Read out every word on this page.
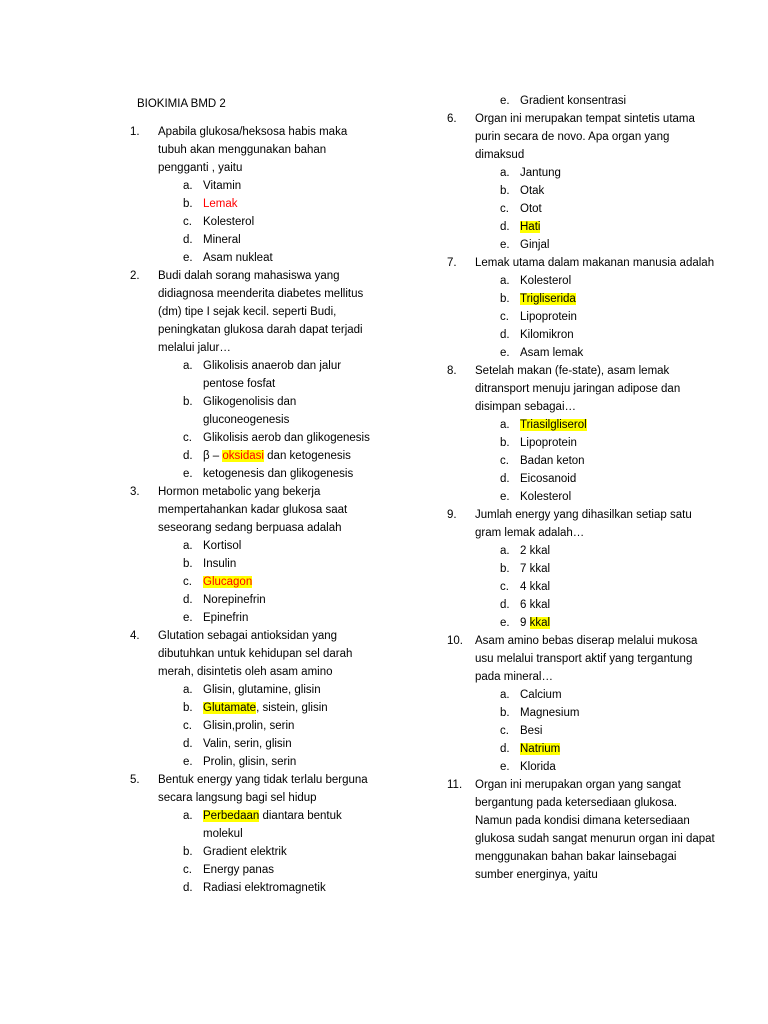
BIOKIMIA BMD 2
1. Apabila glukosa/heksosa habis maka tubuh akan menggunakan bahan pengganti , yaitu
a. Vitamin
b. Lemak
c. Kolesterol
d. Mineral
e. Asam nukleat
2. Budi dalah sorang mahasiswa yang didiagnosa meenderita diabetes mellitus (dm) tipe I sejak kecil. seperti Budi, peningkatan glukosa darah dapat terjadi melalui jalur…
a. Glikolisis anaerob dan jalur pentose fosfat
b. Glikogenolisis dan gluconeogenesis
c. Glikolisis aerob dan glikogenesis
d. β – oksidasi dan ketogenesis
e. ketogenesis dan glikogenesis
3. Hormon metabolic yang bekerja mempertahankan kadar glukosa saat seseorang sedang berpuasa adalah
a. Kortisol
b. Insulin
c. Glucagon
d. Norepinefrin
e. Epinefrin
4. Glutation sebagai antioksidan yang dibutuhkan untuk kehidupan sel darah merah, disintetis oleh asam amino
a. Glisin, glutamine, glisin
b. Glutamate, sistein, glisin
c. Glisin,prolin, serin
d. Valin, serin, glisin
e. Prolin, glisin, serin
5. Bentuk energy yang tidak terlalu berguna secara langsung bagi sel hidup
a. Perbedaan diantara bentuk molekul
b. Gradient elektrik
c. Energy panas
d. Radiasi elektromagnetik
e. Gradient konsentrasi
6. Organ ini merupakan tempat sintetis utama purin secara de novo. Apa organ yang dimaksud
a. Jantung
b. Otak
c. Otot
d. Hati
e. Ginjal
7. Lemak utama dalam makanan manusia adalah
a. Kolesterol
b. Trigliserida
c. Lipoprotein
d. Kilomikron
e. Asam lemak
8. Setelah makan (fe-state), asam lemak ditransport menuju jaringan adipose dan disimpan sebagai…
a. Triasilgliserol
b. Lipoprotein
c. Badan keton
d. Eicosanoid
e. Kolesterol
9. Jumlah energy yang dihasilkan setiap satu gram lemak adalah…
a. 2 kkal
b. 7 kkal
c. 4 kkal
d. 6 kkal
e. 9 kkal
10. Asam amino bebas diserap melalui mukosa usu melalui transport aktif yang tergantung pada mineral…
a. Calcium
b. Magnesium
c. Besi
d. Natrium
e. Klorida
11. Organ ini merupakan organ yang sangat bergantung pada ketersediaan glukosa. Namun pada kondisi dimana ketersediaan glukosa sudah sangat menurun organ ini dapat menggunakan bahan bakar lainsebagai sumber energinya, yaitu
